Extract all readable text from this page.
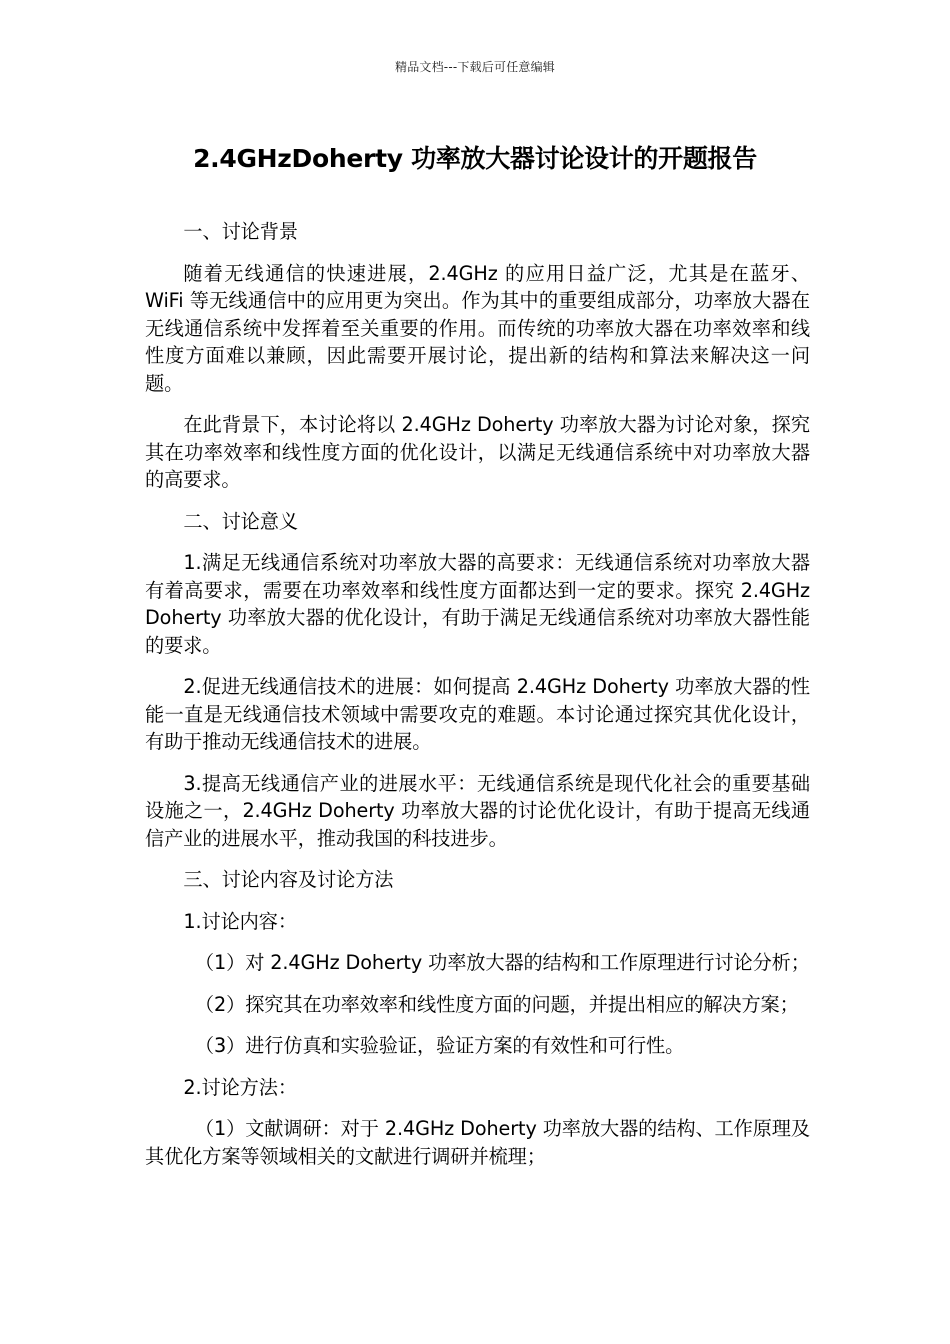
精品文档---下载后可任意编辑
2.4GHzDoherty 功率放大器讨论设计的开题报告

一、讨论背景

随着无线通信的快速进展，2.4GHz 的应用日益广泛，尤其是在蓝牙、WiFi 等无线通信中的应用更为突出。作为其中的重要组成部分，功率放大器在无线通信系统中发挥着至关重要的作用。而传统的功率放大器在功率效率和线性度方面难以兼顾，因此需要开展讨论，提出新的结构和算法来解决这一问题。

在此背景下，本讨论将以 2.4GHz Doherty 功率放大器为讨论对象，探究其在功率效率和线性度方面的优化设计，以满足无线通信系统中对功率放大器的高要求。

二、讨论意义

1.满足无线通信系统对功率放大器的高要求：无线通信系统对功率放大器有着高要求，需要在功率效率和线性度方面都达到一定的要求。探究 2.4GHz Doherty 功率放大器的优化设计，有助于满足无线通信系统对功率放大器性能的要求。

2.促进无线通信技术的进展：如何提高 2.4GHz Doherty 功率放大器的性能一直是无线通信技术领域中需要攻克的难题。本讨论通过探究其优化设计，有助于推动无线通信技术的进展。

3.提高无线通信产业的进展水平：无线通信系统是现代化社会的重要基础设施之一，2.4GHz Doherty 功率放大器的讨论优化设计，有助于提高无线通信产业的进展水平，推动我国的科技进步。

三、讨论内容及讨论方法

1.讨论内容：

（1）对 2.4GHz Doherty 功率放大器的结构和工作原理进行讨论分析；

（2）探究其在功率效率和线性度方面的问题，并提出相应的解决方案；

（3）进行仿真和实验验证，验证方案的有效性和可行性。

2.讨论方法：

（1）文献调研：对于 2.4GHz Doherty 功率放大器的结构、工作原理及其优化方案等领域相关的文献进行调研并梳理；
